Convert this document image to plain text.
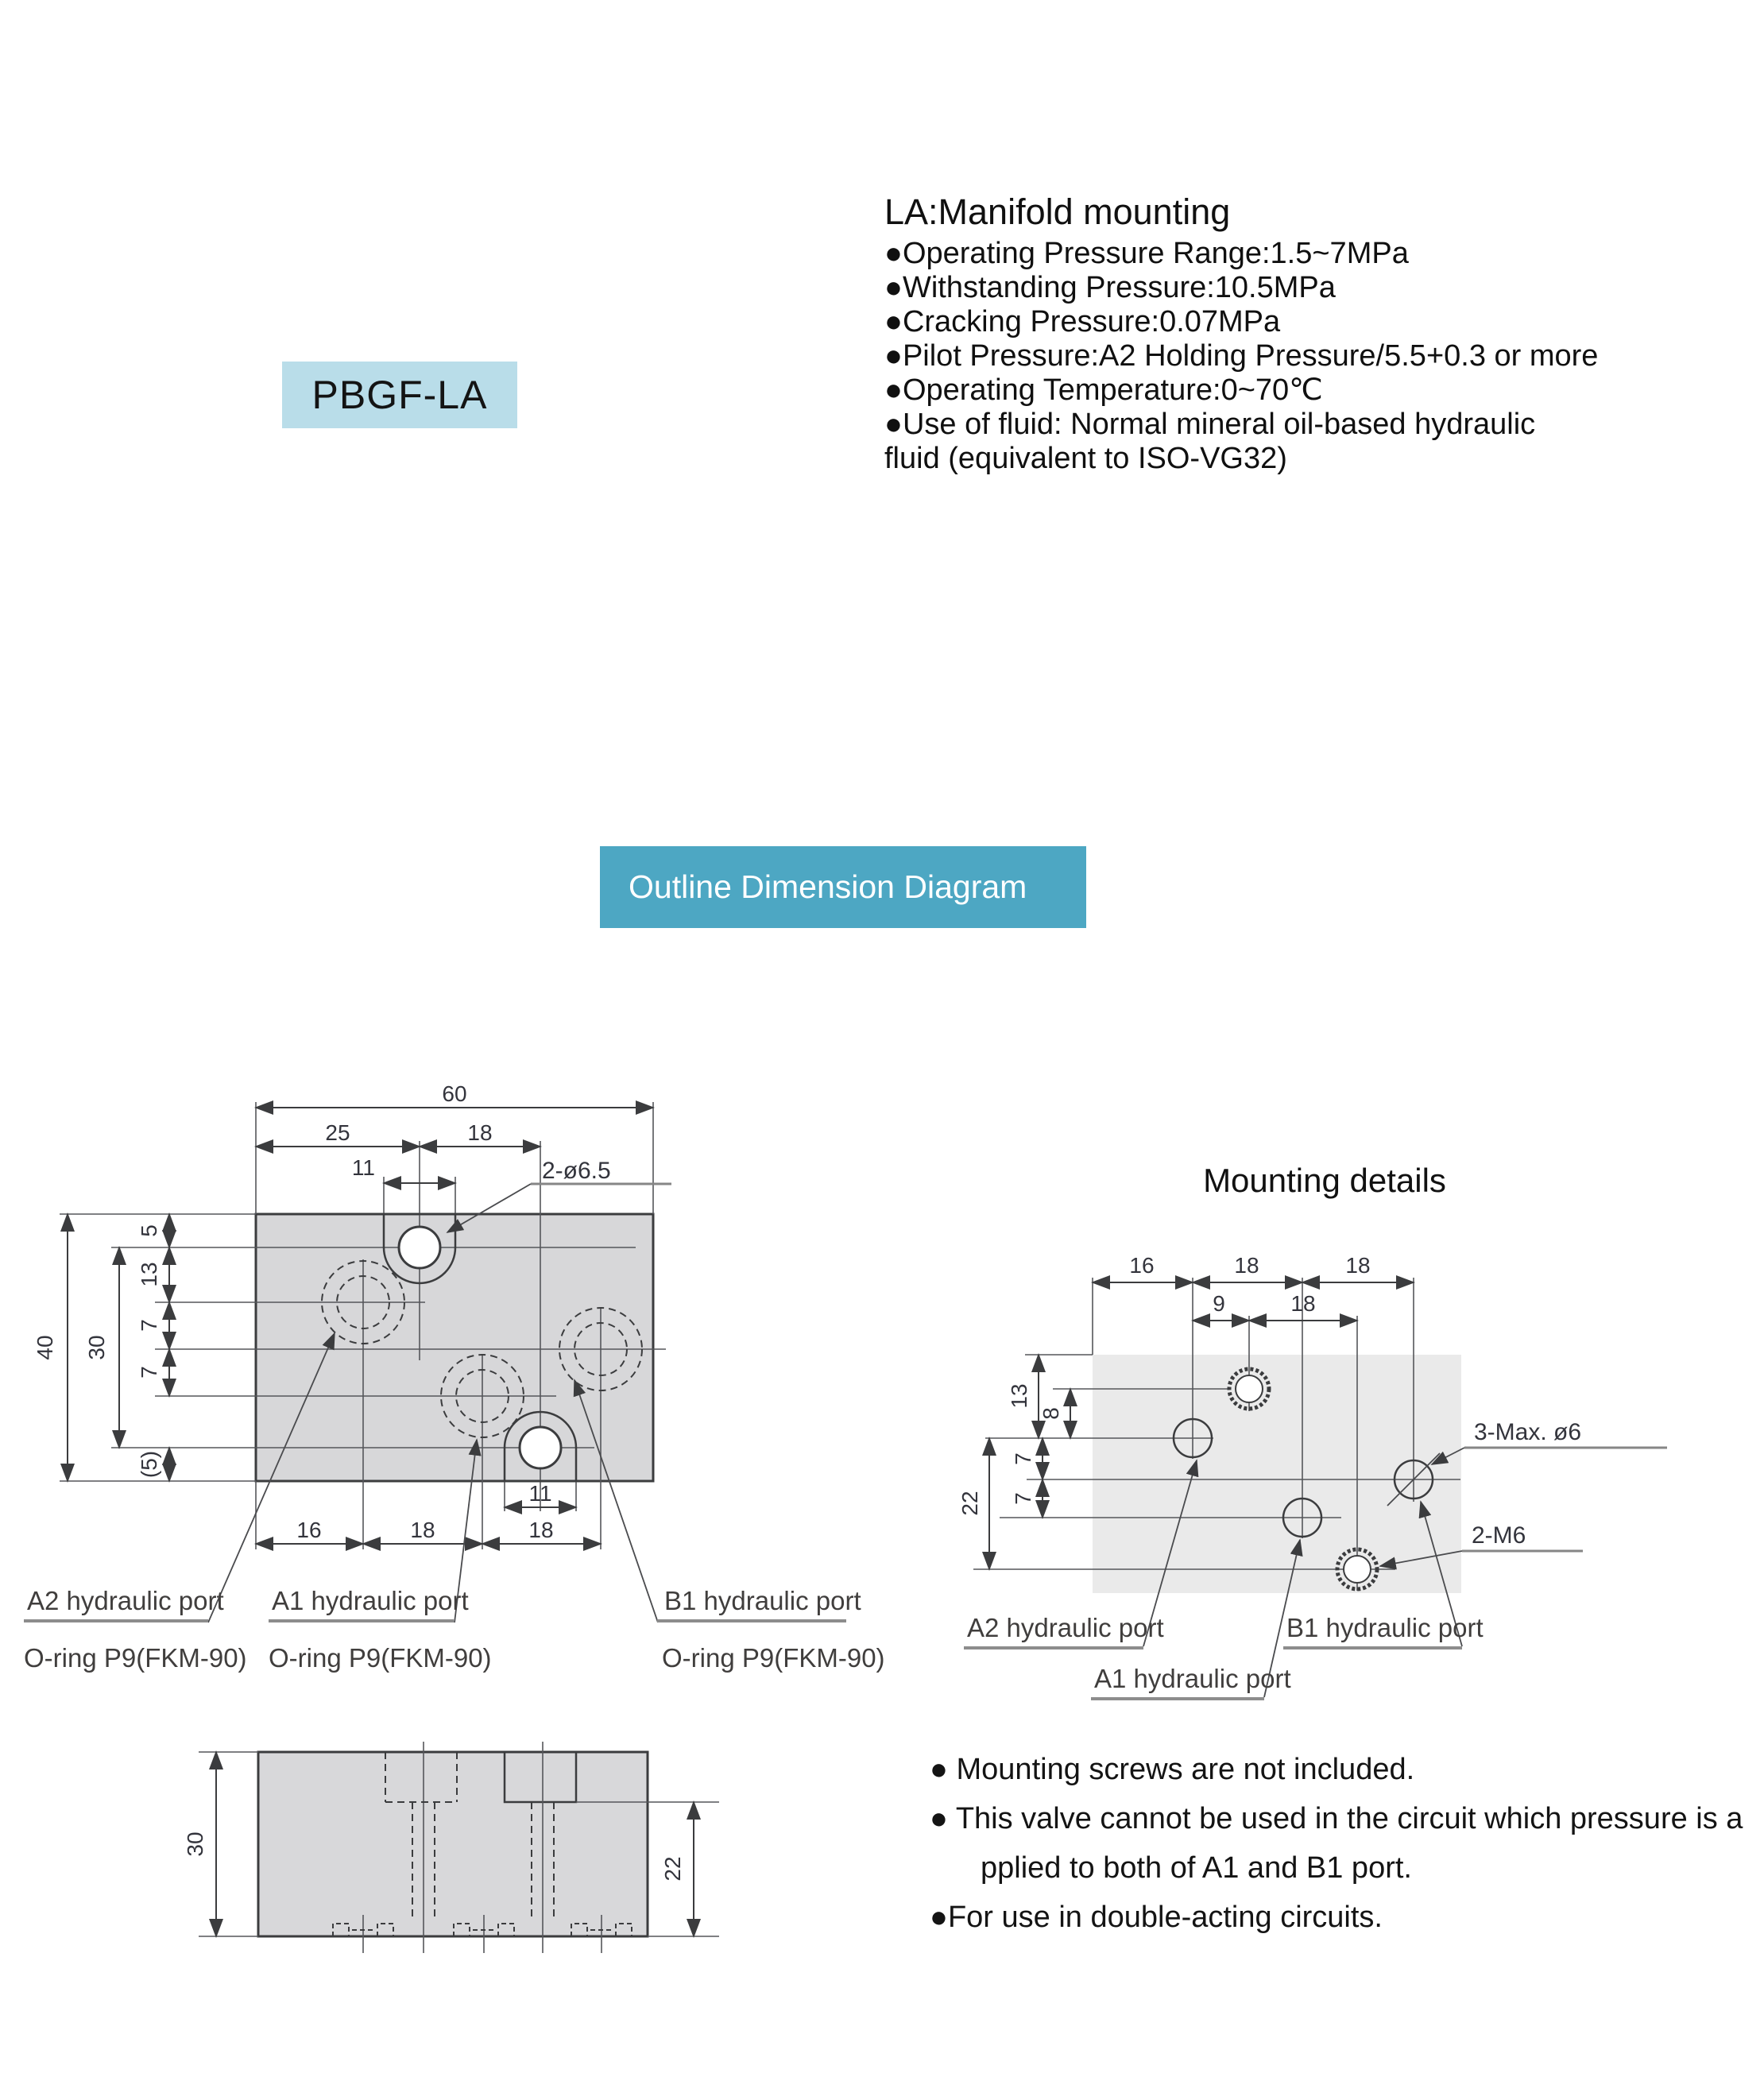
PBGF-LA
LA:Manifold mounting
●Operating Pressure Range:1.5~7MPa
●Withstanding Pressure:10.5MPa
●Cracking Pressure:0.07MPa
●Pilot Pressure:A2 Holding Pressure/5.5+0.3 or more
●Operating Temperature:0~70℃
●Use of fluid: Normal mineral oil-based hydraulic
fluid (equivalent to ISO-VG32)
Outline Dimension Diagram
2-ø6.5
60
25	18
11
11
16	18	18
40 30
5
13
7
7
(5)
A2 hydraulic port
O-ring P9(FKM-90)
A1 hydraulic port
O-ring P9(FKM-90)
B1 hydraulic port
O-ring P9(FKM-90)
Mounting details
3-Max. ø6
2-M6
16	18	18
9	18
13
8
22
7
7
A2 hydraulic port	B1 hydraulic port
A1 hydraulic port
30
22
● Mounting screws are not included.
● This valve cannot be used in the circuit which pressure is a
pplied to both of A1 and B1 port.
●For use in double-acting circuits.
